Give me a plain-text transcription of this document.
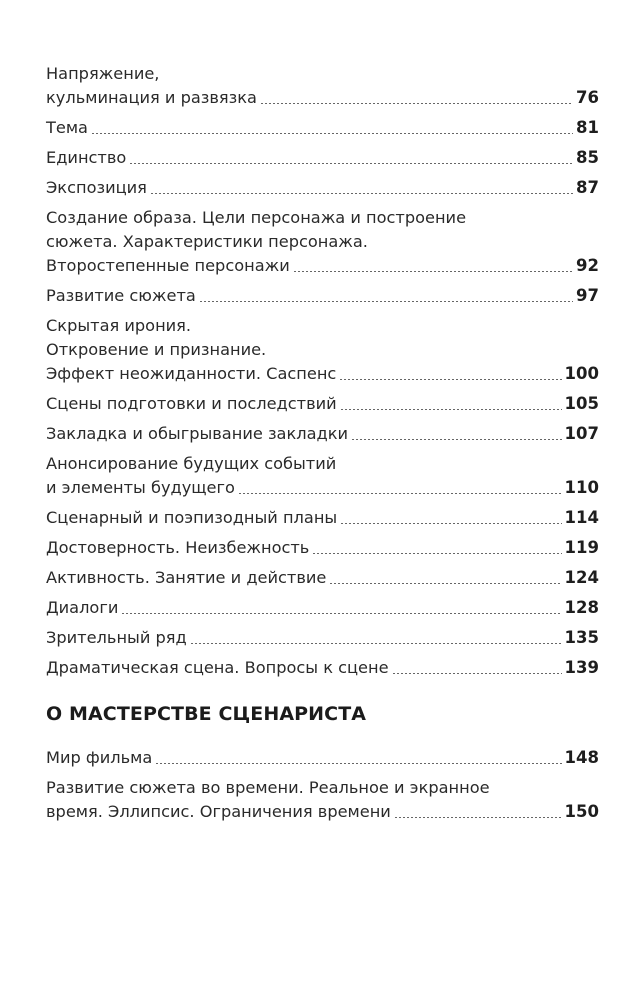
Напряжение,
кульминация и развязка	76
Тема	81
Единство	85
Экспозиция	87
Создание образа. Цели персонажа и построение
сюжета. Характеристики персонажа.
Второстепенные персонажи	92
Развитие сюжета	97
Скрытая ирония.
Откровение и признание.
Эффект неожиданности. Саспенс	100
Сцены подготовки и последствий	105
Закладка и обыгрывание закладки	107
Анонсирование будущих событий
и элементы будущего	110
Сценарный и поэпизодный планы	114
Достоверность. Неизбежность	119
Активность. Занятие и действие	124
Диалоги	128
Зрительный ряд	135
Драматическая сцена. Вопросы к сцене	139
О МАСТЕРСТВЕ СЦЕНАРИСТА
Мир фильма	148
Развитие сюжета во времени. Реальное и экранное
время. Эллипсис. Ограничения времени	150
